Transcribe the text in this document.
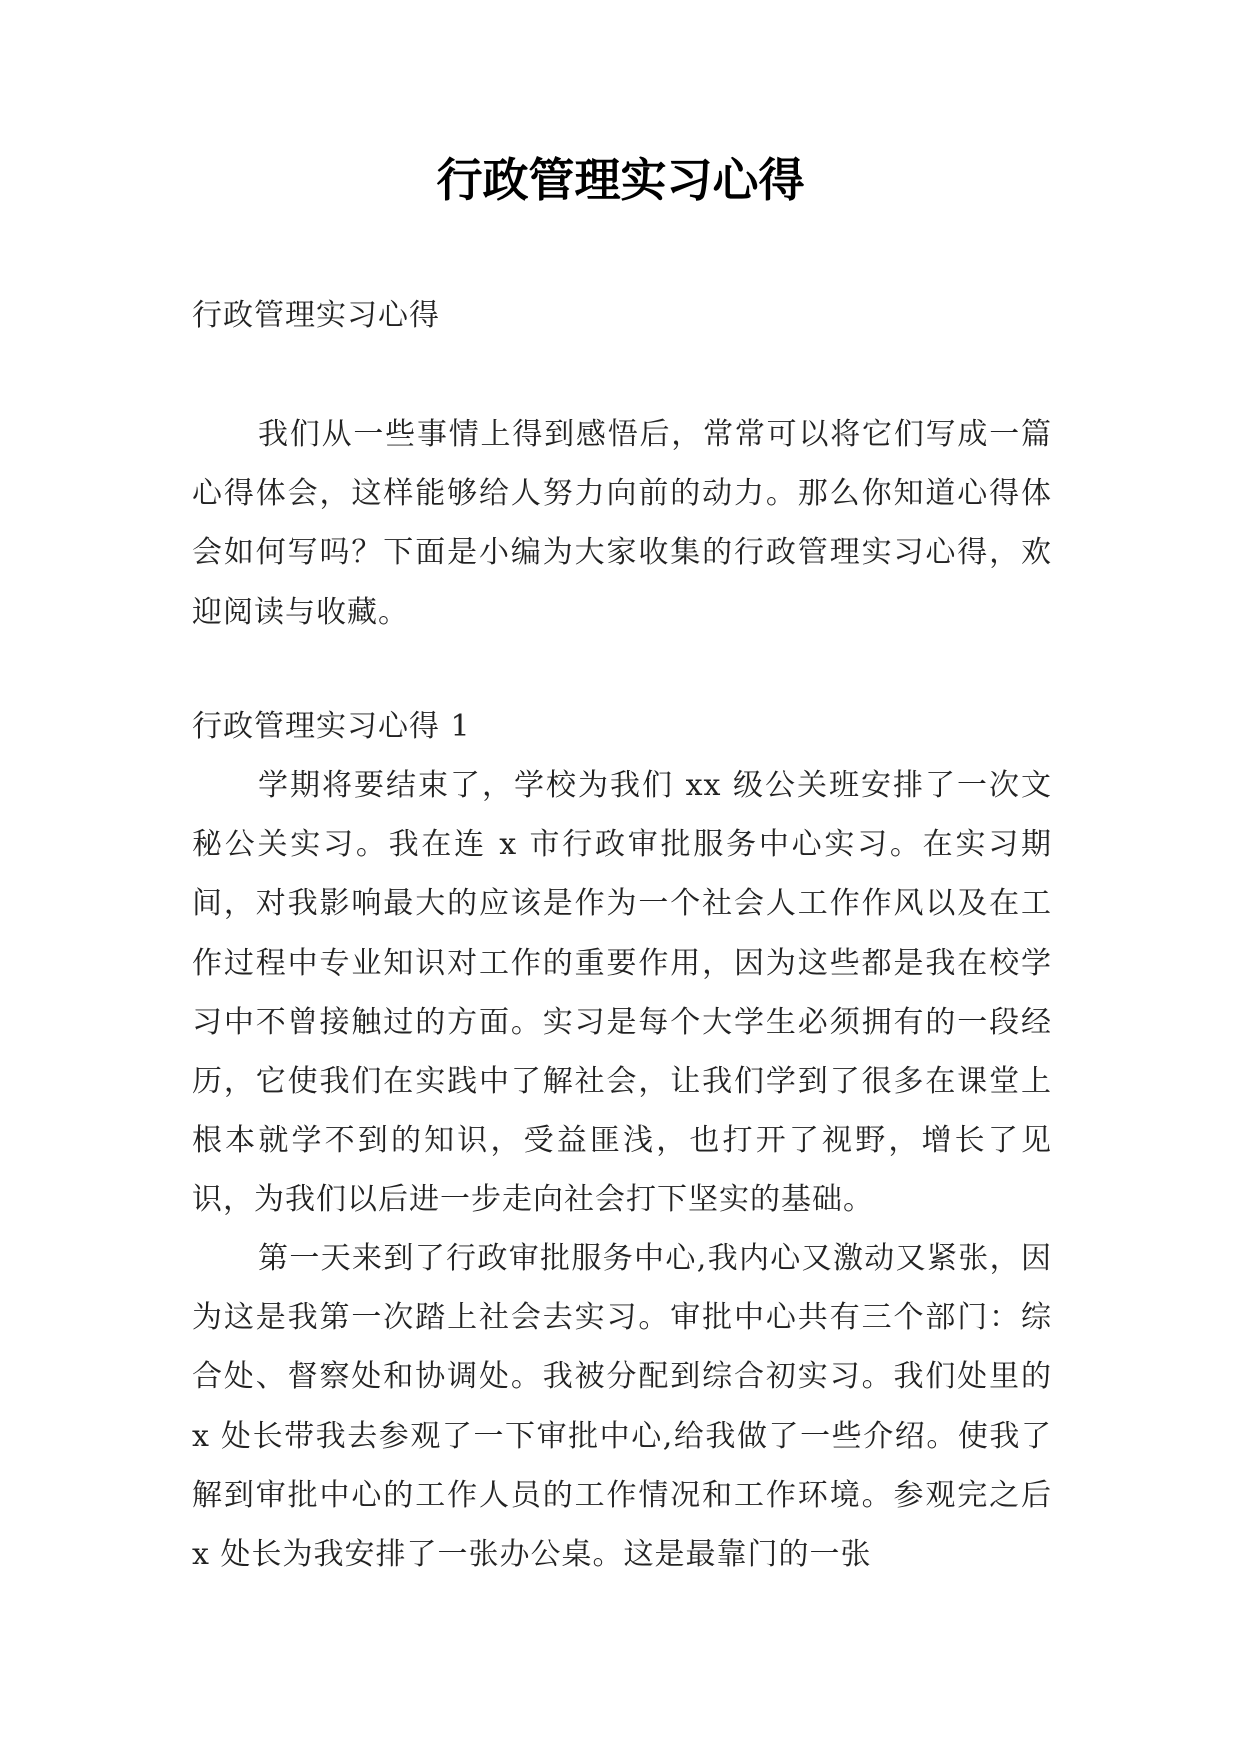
行政管理实习心得

行政管理实习心得

我们从一些事情上得到感悟后，常常可以将它们写成一篇心得体会，这样能够给人努力向前的动力。那么你知道心得体会如何写吗？下面是小编为大家收集的行政管理实习心得，欢迎阅读与收藏。

行政管理实习心得 1

学期将要结束了，学校为我们 xx 级公关班安排了一次文秘公关实习。我在连 x 市行政审批服务中心实习。在实习期间，对我影响最大的应该是作为一个社会人工作作风以及在工作过程中专业知识对工作的重要作用，因为这些都是我在校学习中不曾接触过的方面。实习是每个大学生必须拥有的一段经历，它使我们在实践中了解社会，让我们学到了很多在课堂上根本就学不到的知识，受益匪浅，也打开了视野，增长了见识，为我们以后进一步走向社会打下坚实的基础。

第一天来到了行政审批服务中心,我内心又激动又紧张，因为这是我第一次踏上社会去实习。审批中心共有三个部门：综合处、督察处和协调处。我被分配到综合初实习。我们处里的 x 处长带我去参观了一下审批中心,给我做了一些介绍。使我了解到审批中心的工作人员的工作情况和工作环境。参观完之后 x 处长为我安排了一张办公桌。这是最靠门的一张
